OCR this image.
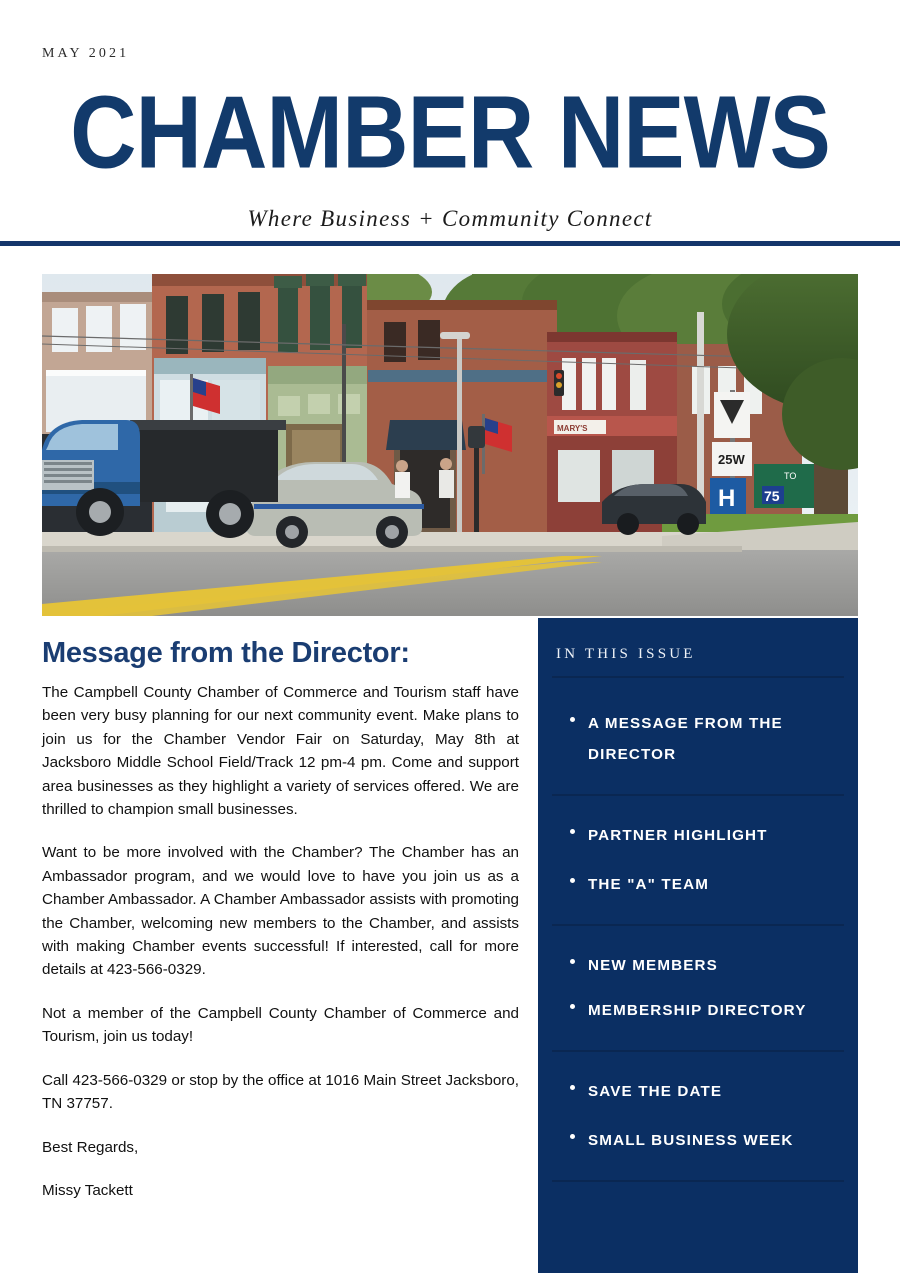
MAY 2021
CHAMBER NEWS
Where Business + Community Connect
MARY'S
25W
H
TO
75
Message from the Director:

The Campbell County Chamber of Commerce and Tourism staff have been very busy planning for our next community event. Make plans to join us for the Chamber Vendor Fair on Saturday, May 8th at Jacksboro Middle School Field/Track 12 pm-4 pm. Come and support area businesses as they highlight a variety of services offered. We are thrilled to champion small businesses.

Want to be more involved with the Chamber? The Chamber has an Ambassador program, and we would love to have you join us as a Chamber Ambassador. A Chamber Ambassador assists with promoting the Chamber, welcoming new members to the Chamber, and assists with making Chamber events successful! If interested, call for more details at 423-566-0329.

Not a member of the Campbell County Chamber of Commerce and Tourism, join us today!

Call 423-566-0329 or stop by the office at 1016 Main Street Jacksboro, TN 37757.

Best Regards,

Missy Tackett

IN THIS ISSUE
A MESSAGE FROM THE DIRECTOR
PARTNER HIGHLIGHT
THE "A" TEAM
NEW MEMBERS
MEMBERSHIP DIRECTORY
SAVE THE DATE
SMALL BUSINESS WEEK
